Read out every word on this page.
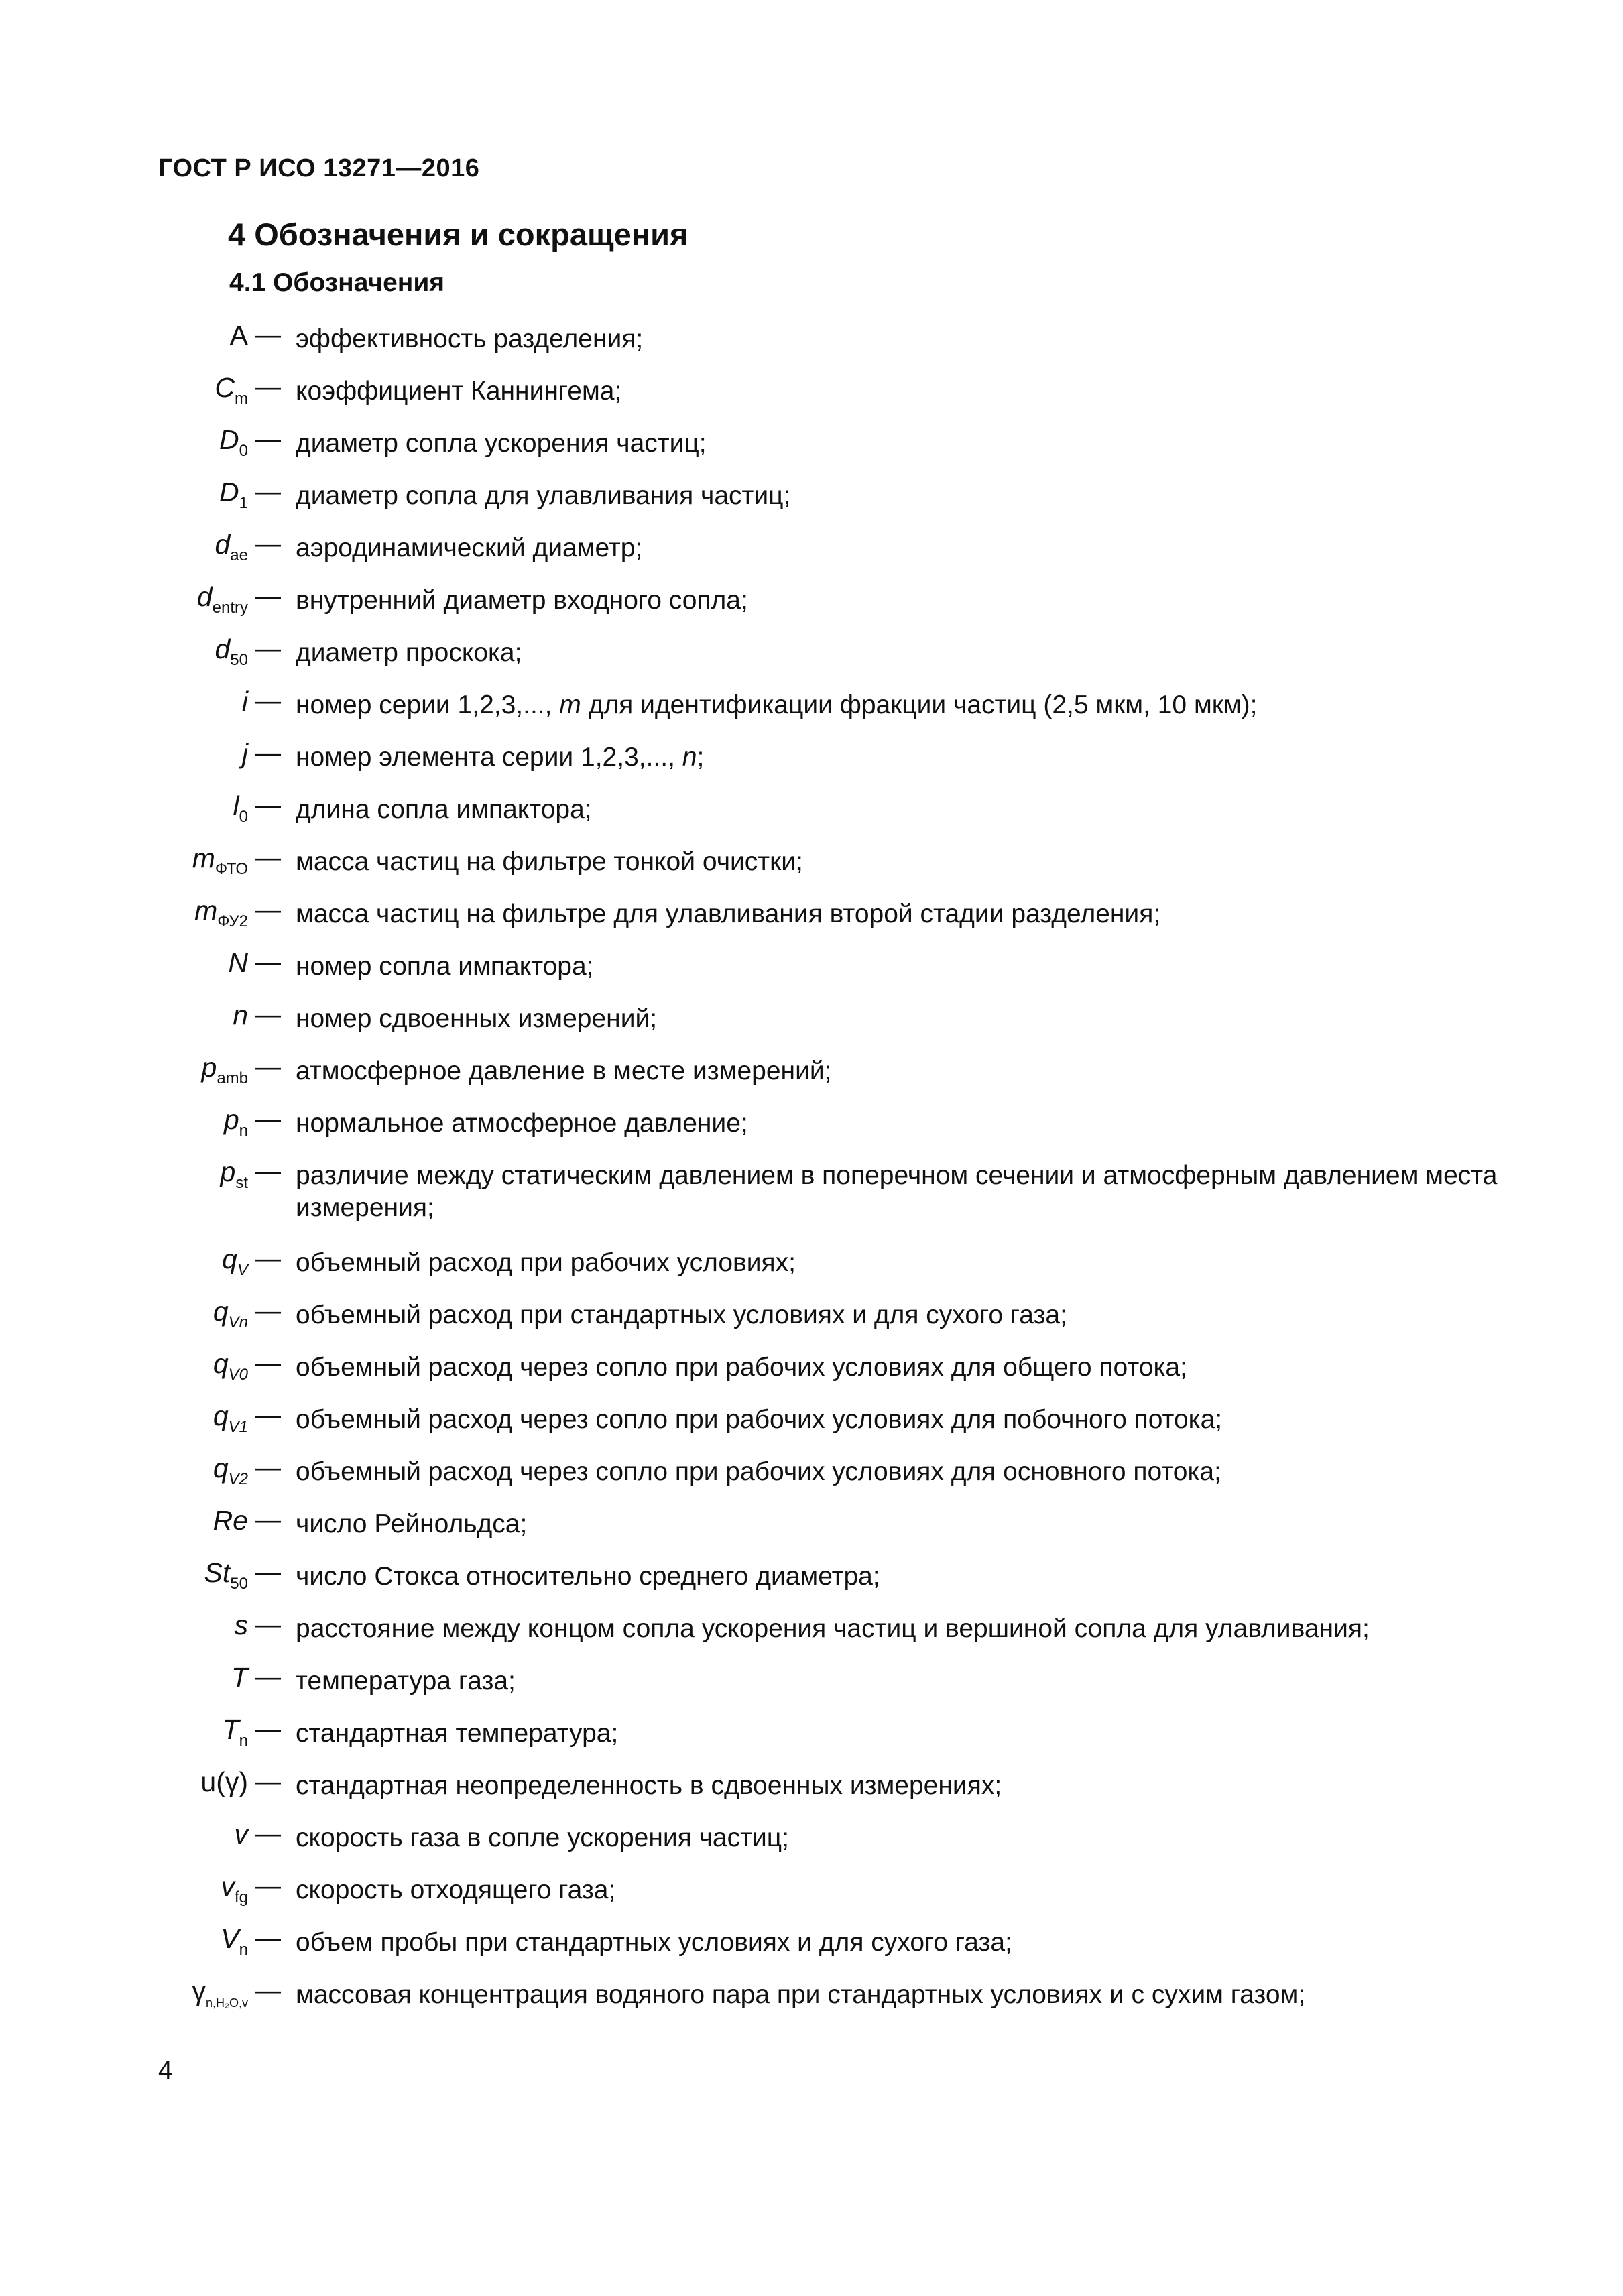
ГОСТ Р ИСО 13271—2016
4 Обозначения и сокращения
4.1 Обозначения
A — эффективность разделения;
$C_m$ — коэффициент Каннингема;
$D_0$ — диаметр сопла ускорения частиц;
$D_1$ — диаметр сопла для улавливания частиц;
$d_{ae}$ — аэродинамический диаметр;
$d_{entry}$ — внутренний диаметр входного сопла;
$d_{50}$ — диаметр проскока;
i — номер серии 1,2,3,..., m для идентификации фракции частиц (2,5 мкм, 10 мкм);
j — номер элемента серии 1,2,3,..., n;
$l_0$ — длина сопла импактора;
$m_{ФТО}$ — масса частиц на фильтре тонкой очистки;
$m_{ФУ2}$ — масса частиц на фильтре для улавливания второй стадии разделения;
N — номер сопла импактора;
n — номер сдвоенных измерений;
$p_{amb}$ — атмосферное давление в месте измерений;
$p_n$ — нормальное атмосферное давление;
$p_{st}$ — различие между статическим давлением в поперечном сечении и атмосферным давлением места измерения;
$q_V$ — объемный расход при рабочих условиях;
$q_{Vn}$ — объемный расход при стандартных условиях и для сухого газа;
$q_{V0}$ — объемный расход через сопло при рабочих условиях для общего потока;
$q_{V1}$ — объемный расход через сопло при рабочих условиях для побочного потока;
$q_{V2}$ — объемный расход через сопло при рабочих условиях для основного потока;
Re — число Рейнольдса;
$St_{50}$ — число Стокса относительно среднего диаметра;
s — расстояние между концом сопла ускорения частиц и вершиной сопла для улавливания;
T — температура газа;
$T_n$ — стандартная температура;
u(γ) — стандартная неопределенность в сдвоенных измерениях;
v — скорость газа в сопле ускорения частиц;
$v_{fg}$ — скорость отходящего газа;
$V_n$ — объем пробы при стандартных условиях и для сухого газа;
$\gamma_{n,H_2O,v}$ — массовая концентрация водяного пара при стандартных условиях и с сухим газом;
4
